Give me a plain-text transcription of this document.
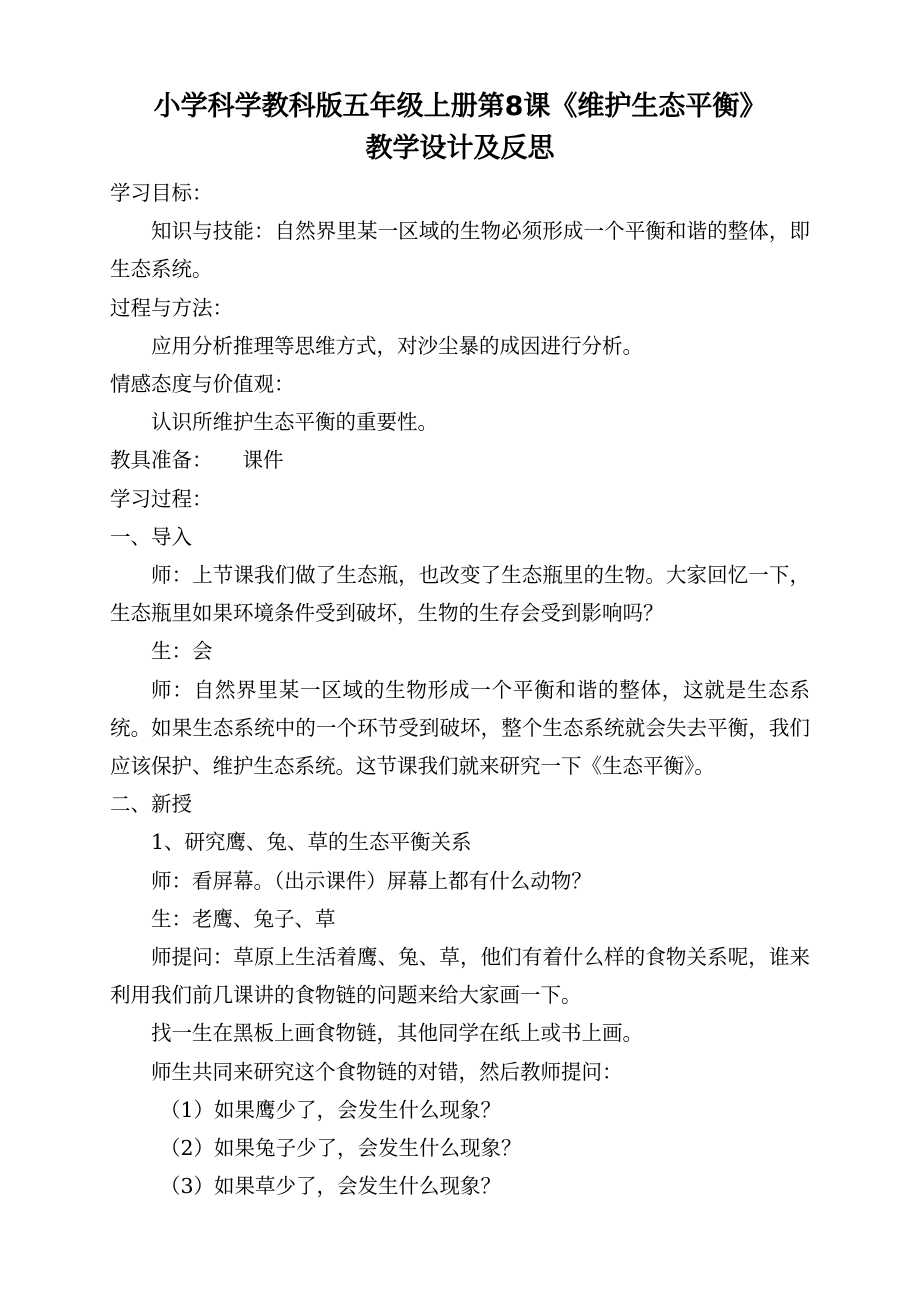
小学科学教科版五年级上册第8课《维护生态平衡》
教学设计及反思

学习目标：

知识与技能：自然界里某一区域的生物必须形成一个平衡和谐的整体，即生态系统。

过程与方法：

应用分析推理等思维方式，对沙尘暴的成因进行分析。

情感态度与价值观：

认识所维护生态平衡的重要性。

教具准备： 课件

学习过程：

一、导入

师：上节课我们做了生态瓶，也改变了生态瓶里的生物。大家回忆一下，生态瓶里如果环境条件受到破坏，生物的生存会受到影响吗？

生：会

师：自然界里某一区域的生物形成一个平衡和谐的整体，这就是生态系统。如果生态系统中的一个环节受到破坏，整个生态系统就会失去平衡，我们应该保护、维护生态系统。这节课我们就来研究一下《生态平衡》。

二、新授

1、研究鹰、兔、草的生态平衡关系

师：看屏幕。（出示课件）屏幕上都有什么动物？

生：老鹰、兔子、草

师提问：草原上生活着鹰、兔、草，他们有着什么样的食物关系呢，谁来利用我们前几课讲的食物链的问题来给大家画一下。

找一生在黑板上画食物链，其他同学在纸上或书上画。

师生共同来研究这个食物链的对错，然后教师提问：

（1）如果鹰少了，会发生什么现象？

（2）如果兔子少了，会发生什么现象？

（3）如果草少了，会发生什么现象？
